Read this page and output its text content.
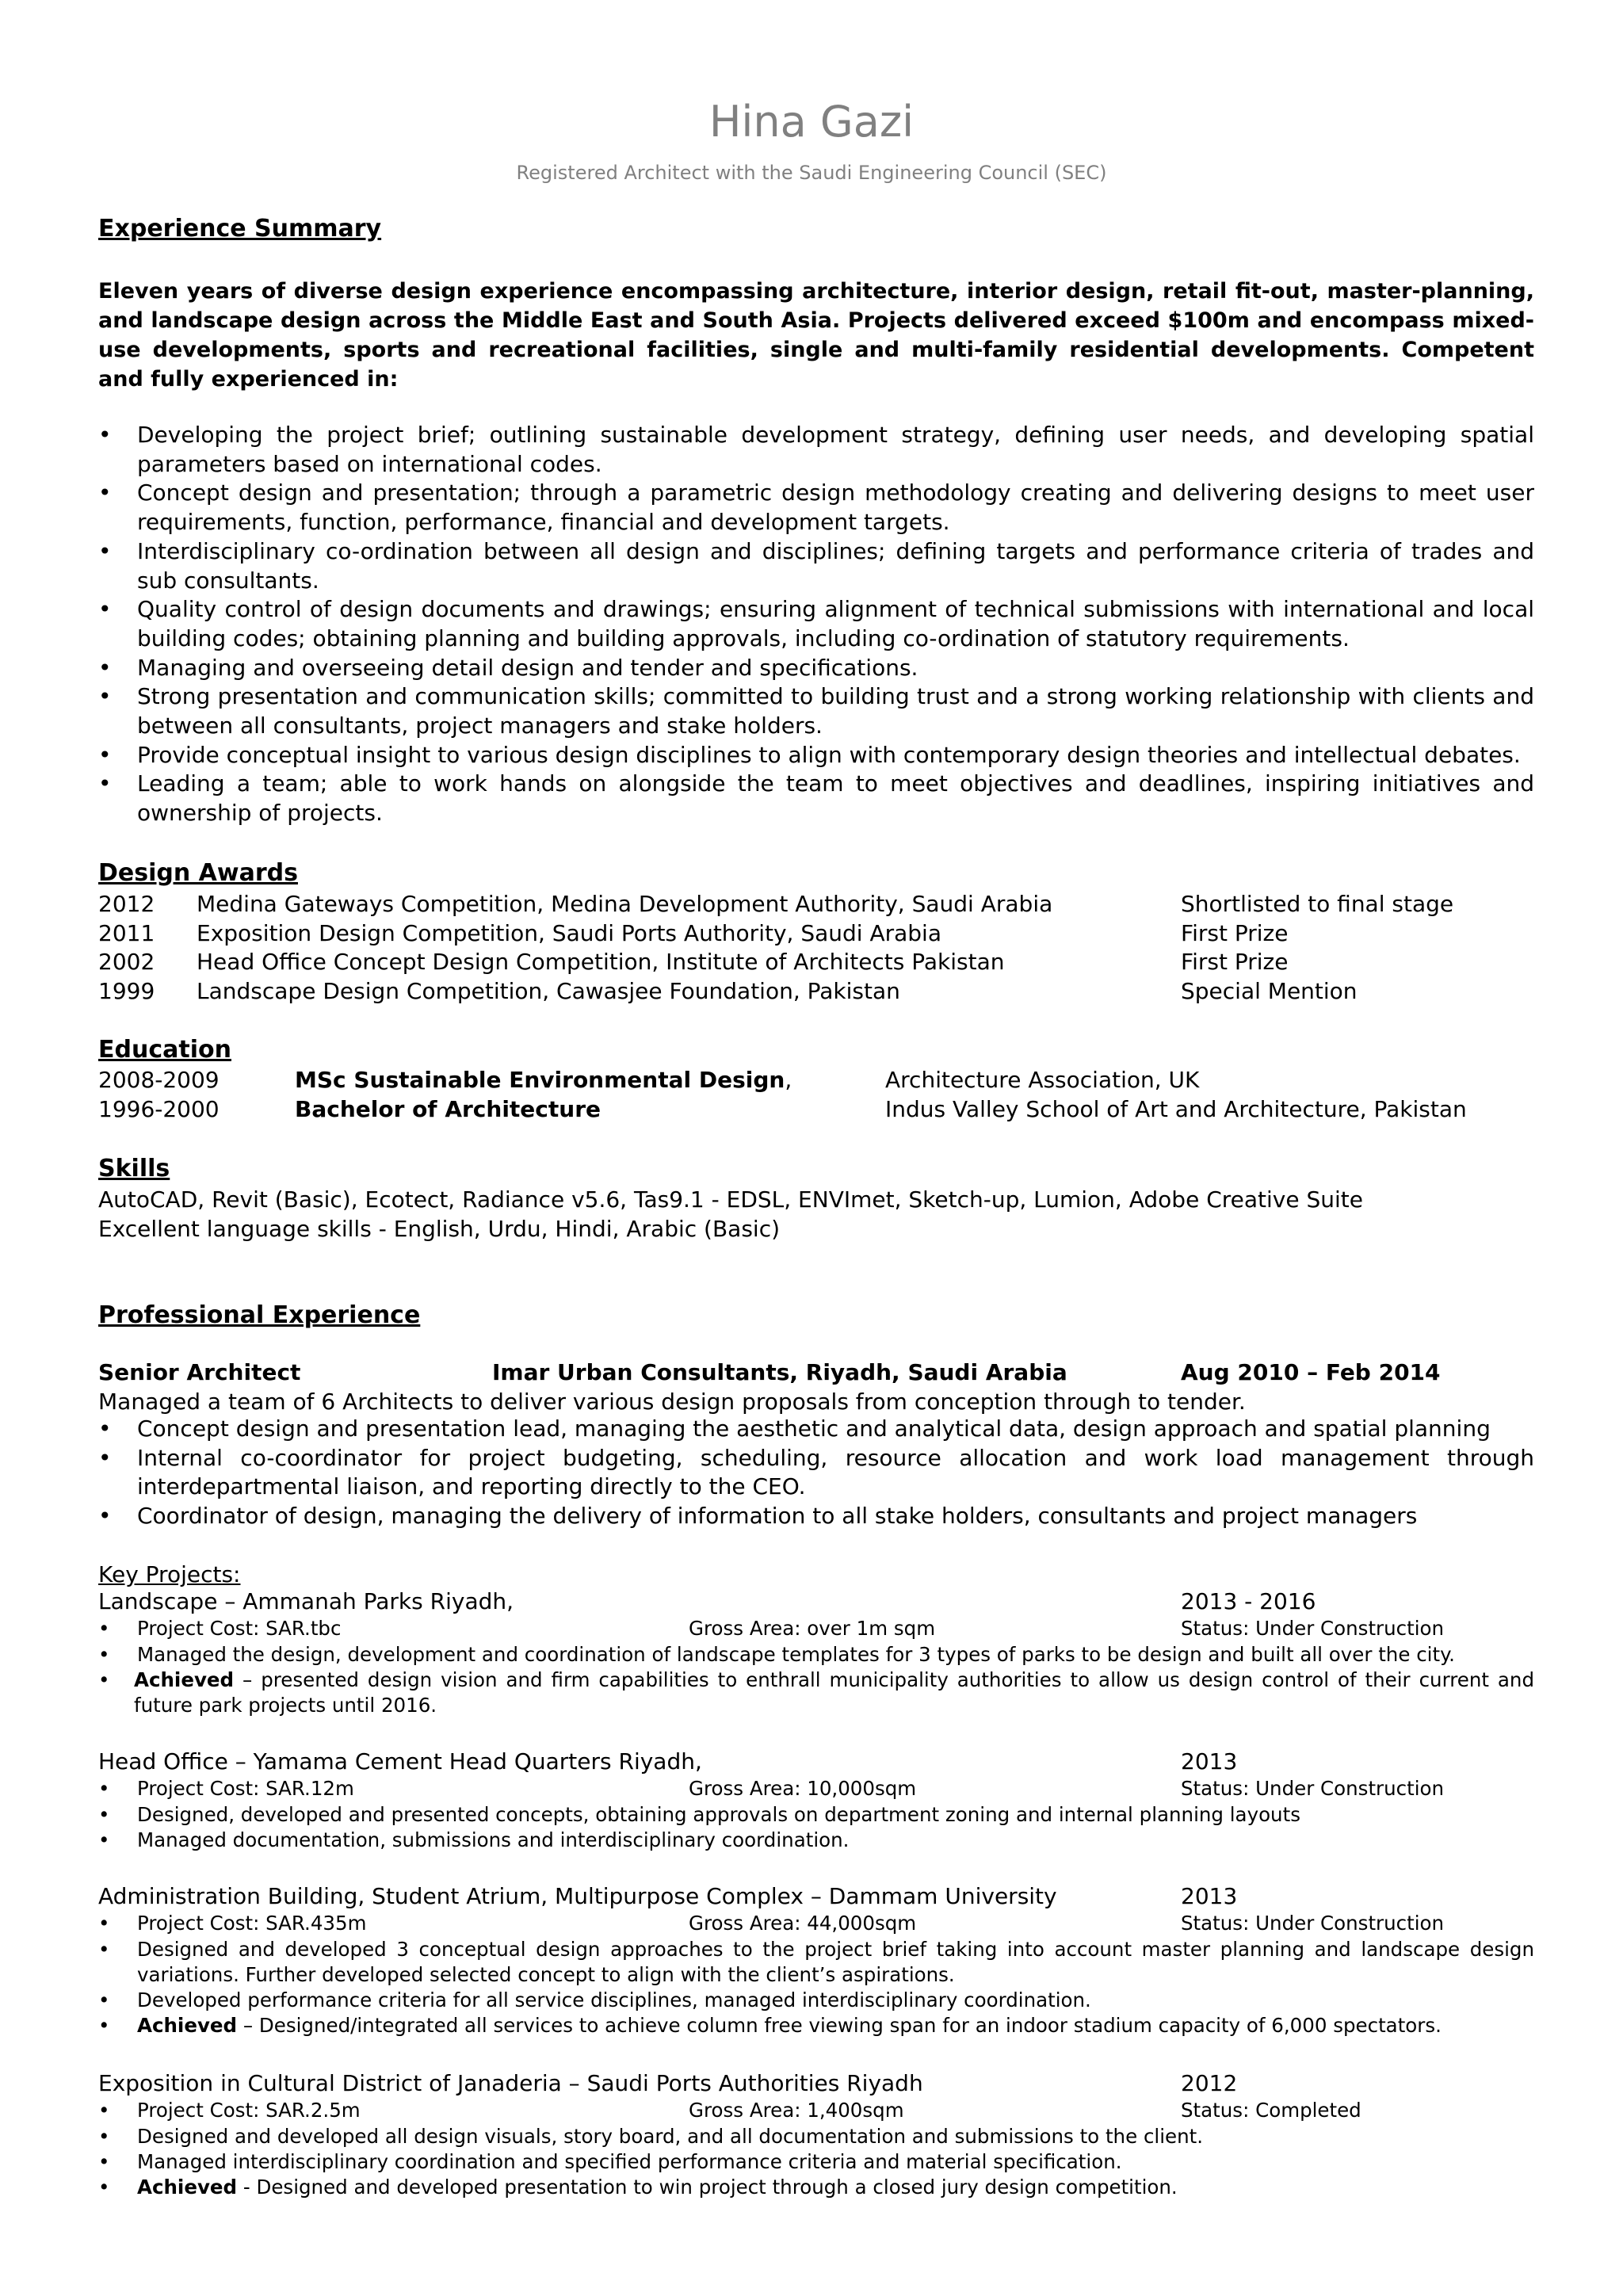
Hina Gazi
Registered Architect with the Saudi Engineering Council (SEC)
Experience Summary

Eleven years of diverse design experience encompassing architecture, interior design, retail fit-out, master-planning, and landscape design across the Middle East and South Asia. Projects delivered exceed $100m and encompass mixed-use developments, sports and recreational facilities, single and multi-family residential developments. Competent and fully experienced in:

• Developing the project brief; outlining sustainable development strategy, defining user needs, and developing spatial parameters based on international codes.
• Concept design and presentation; through a parametric design methodology creating and delivering designs to meet user requirements, function, performance, financial and development targets.
• Interdisciplinary co-ordination between all design and disciplines; defining targets and performance criteria of trades and sub consultants.
• Quality control of design documents and drawings; ensuring alignment of technical submissions with international and local building codes; obtaining planning and building approvals, including co-ordination of statutory requirements.
• Managing and overseeing detail design and tender and specifications.
• Strong presentation and communication skills; committed to building trust and a strong working relationship with clients and between all consultants, project managers and stake holders.
• Provide conceptual insight to various design disciplines to align with contemporary design theories and intellectual debates.
• Leading a team; able to work hands on alongside the team to meet objectives and deadlines, inspiring initiatives and ownership of projects.
Design Awards
2012 Medina Gateways Competition, Medina Development Authority, Saudi Arabia	Shortlisted to final stage
2011 Exposition Design Competition, Saudi Ports Authority, Saudi Arabia	First Prize
2002 Head Office Concept Design Competition, Institute of Architects Pakistan	First Prize
1999 Landscape Design Competition, Cawasjee Foundation, Pakistan	Special Mention
Education
2008-2009	MSc Sustainable Environmental Design,	Architecture Association, UK
1996-2000	Bachelor of Architecture	Indus Valley School of Art and Architecture, Pakistan
Skills
AutoCAD, Revit (Basic), Ecotect, Radiance v5.6, Tas9.1 - EDSL, ENVImet, Sketch-up, Lumion, Adobe Creative Suite
Excellent language skills - English, Urdu, Hindi, Arabic (Basic)
Professional Experience
Senior Architect	Imar Urban Consultants, Riyadh, Saudi Arabia	Aug 2010 – Feb 2014
Managed a team of 6 Architects to deliver various design proposals from conception through to tender.
• Concept design and presentation lead, managing the aesthetic and analytical data, design approach and spatial planning
• Internal co-coordinator for project budgeting, scheduling, resource allocation and work load management through interdepartmental liaison, and reporting directly to the CEO.
• Coordinator of design, managing the delivery of information to all stake holders, consultants and project managers
Key Projects:
Landscape – Ammanah Parks Riyadh,	2013 - 2016
• Project Cost: SAR.tbc	Gross Area: over 1m sqm	Status: Under Construction
• Managed the design, development and coordination of landscape templates for 3 types of parks to be design and built all over the city.
• Achieved – presented design vision and firm capabilities to enthrall municipality authorities to allow us design control of their current and future park projects until 2016.
Head Office – Yamama Cement Head Quarters Riyadh,	2013
• Project Cost: SAR.12m	Gross Area: 10,000sqm	Status: Under Construction
• Designed, developed and presented concepts, obtaining approvals on department zoning and internal planning layouts
• Managed documentation, submissions and interdisciplinary coordination.
Administration Building, Student Atrium, Multipurpose Complex – Dammam University	2013
• Project Cost: SAR.435m	Gross Area: 44,000sqm	Status: Under Construction
• Designed and developed 3 conceptual design approaches to the project brief taking into account master planning and landscape design variations. Further developed selected concept to align with the client’s aspirations.
• Developed performance criteria for all service disciplines, managed interdisciplinary coordination.
• Achieved – Designed/integrated all services to achieve column free viewing span for an indoor stadium capacity of 6,000 spectators.
Exposition in Cultural District of Janaderia – Saudi Ports Authorities Riyadh	2012
• Project Cost: SAR.2.5m	Gross Area: 1,400sqm	Status: Completed
• Designed and developed all design visuals, story board, and all documentation and submissions to the client.
• Managed interdisciplinary coordination and specified performance criteria and material specification.
• Achieved - Designed and developed presentation to win project through a closed jury design competition.
